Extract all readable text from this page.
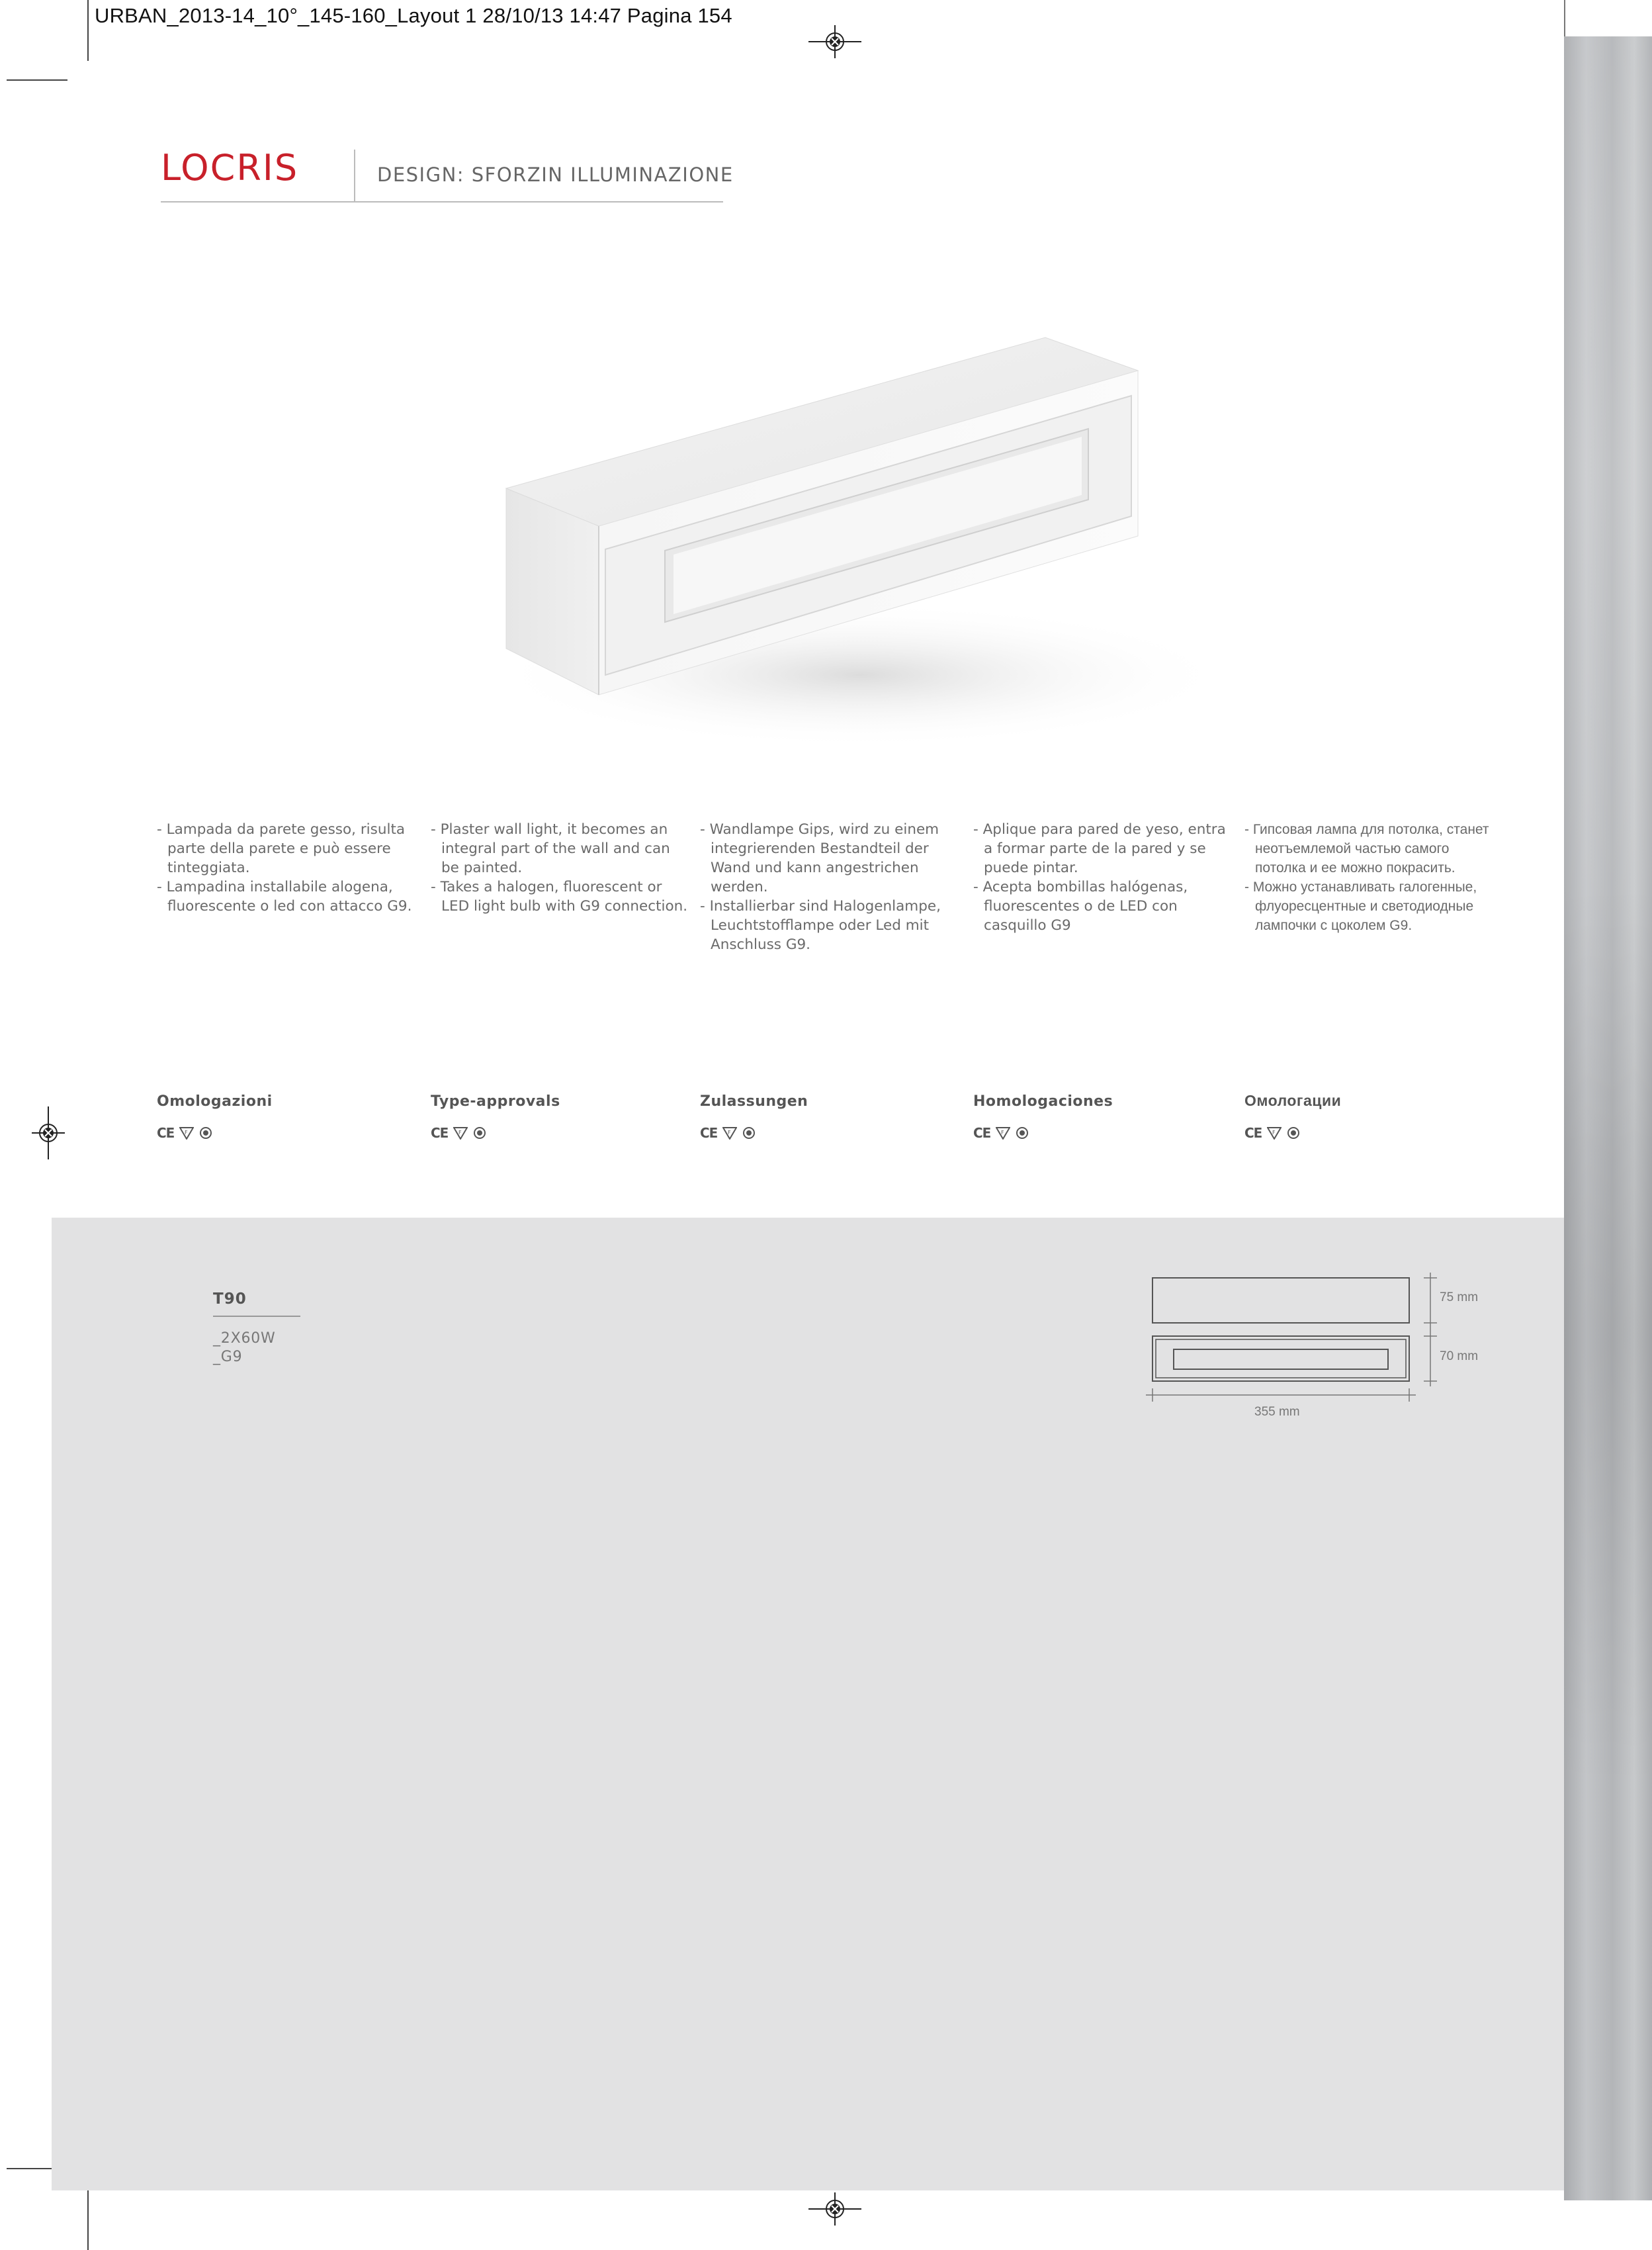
URBAN_2013-14_10°_145-160_Layout 1 28/10/13 14:47 Pagina 154
LOCRIS	DESIGN: SFORZIN ILLUMINAZIONE
- Lampada da parete gesso, risulta parte della parete e può essere tinteggiata.
- Lampadina installabile alogena, fluorescente o led con attacco G9.
- Plaster wall light, it becomes an integral part of the wall and can be painted.
- Takes a halogen, fluorescent or LED light bulb with G9 connection.
- Wandlampe Gips, wird zu einem integrierenden Bestandteil der Wand und kann angestrichen werden.
- Installierbar sind Halogenlampe, Leuchtstofflampe oder Led mit Anschluss G9.
- Aplique para pared de yeso, entra a formar parte de la pared y se puede pintar.
- Acepta bombillas halógenas, fluorescentes o de LED con casquillo G9
- Гипсовая лампа для потолка, станет неотъемлемой частью самого потолка и ее можно покрасить.
- Можно устанавливать галогенные, флуоресцентные и светодиодные лампочки с цоколем G9.
Omologazioni	Type-approvals	Zulassungen	Homologaciones	Омологации
CE F	CE F	CE F	CE F	CE F
T90
_2X60W
_G9
75 mm
70 mm
355 mm
